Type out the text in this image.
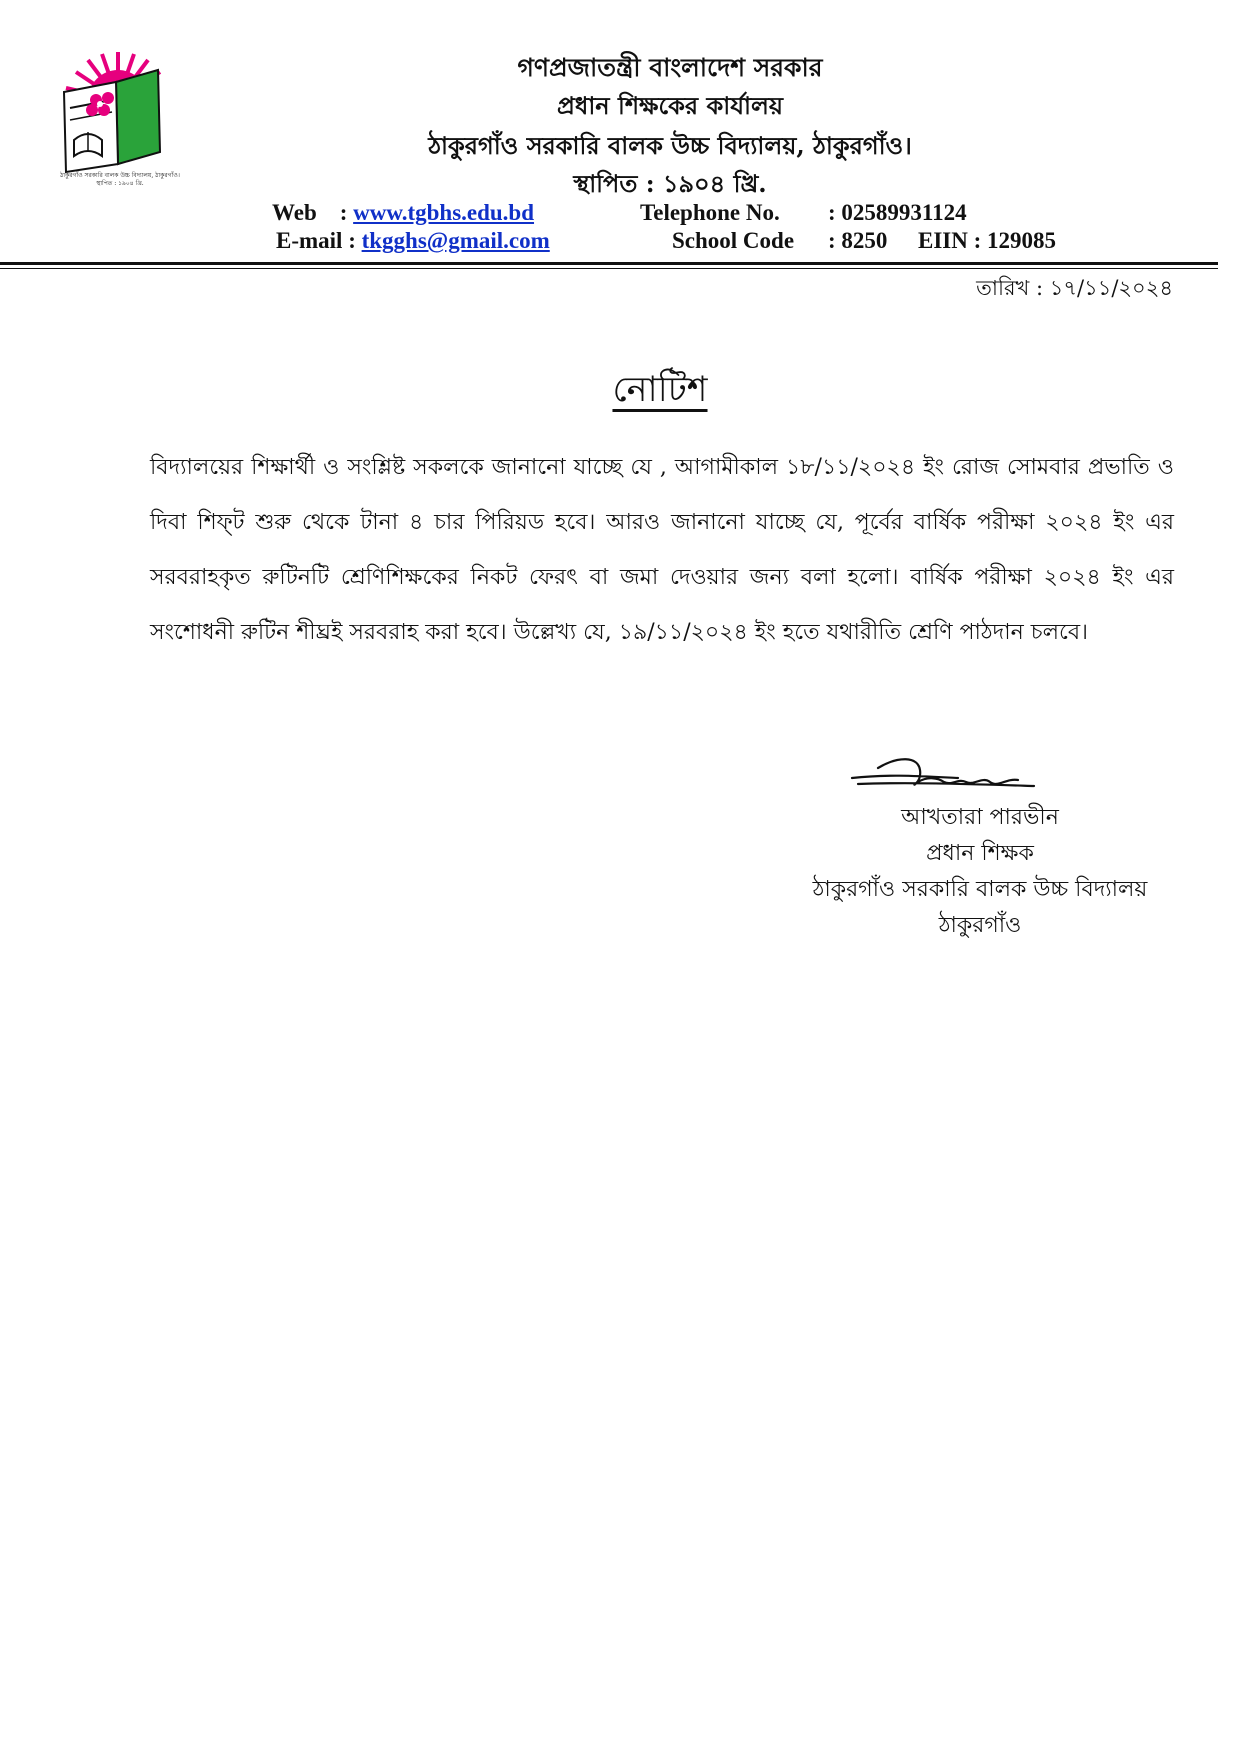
ঠাকুরগাঁও সরকারি বালক উচ্চ বিদ্যালয়, ঠাকুরগাঁও। স্থাপিত : ১৯০৪ খ্রি.
গণপ্রজাতন্ত্রী বাংলাদেশ সরকার
প্রধান শিক্ষকের কার্যালয়
ঠাকুরগাঁও সরকারি বালক উচ্চ বিদ্যালয়, ঠাকুরগাঁও।
স্থাপিত : ১৯০৪ খ্রি.
Web    : www.tgbhs.edu.bd
E-mail : tkgghs@gmail.com
Telephone No. : 02589931124
School Code : 8250 EIIN : 129085
তারিখ : ১৭/১১/২০২৪
নোটিশ
বিদ্যালয়ের শিক্ষার্থী ও সংশ্লিষ্ট সকলকে জানানো যাচ্ছে যে , আগামীকাল ১৮/১১/২০২৪ ইং রোজ সোমবার প্রভাতি ও দিবা শিফ্‌ট শুরু থেকে টানা ৪ চার পিরিয়ড হবে। আরও জানানো যাচ্ছে যে, পূর্বের বার্ষিক পরীক্ষা ২০২৪ ইং এর সরবরাহকৃত রুটিনটি শ্রেণিশিক্ষকের নিকট ফেরৎ বা জমা দেওয়ার জন্য বলা হলো। বার্ষিক পরীক্ষা ২০২৪ ইং এর সংশোধনী রুটিন শীঘ্রই সরবরাহ করা হবে। উল্লেখ্য যে, ১৯/১১/২০২৪ ইং হতে যথারীতি শ্রেণি পাঠদান চলবে।
আখতারা পারভীন
প্রধান শিক্ষক
ঠাকুরগাঁও সরকারি বালক উচ্চ বিদ্যালয়
ঠাকুরগাঁও
